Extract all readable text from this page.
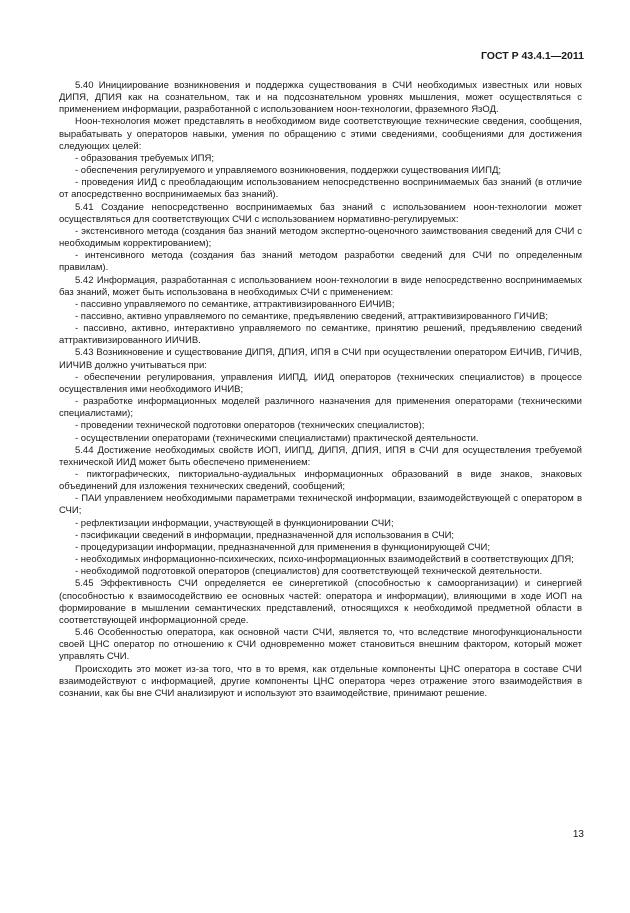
ГОСТ Р 43.4.1—2011

5.40 Инициирование возникновения и поддержка существования в СЧИ необходимых известных или новых ДИПЯ, ДПИЯ как на сознательном, так и на подсознательном уровнях мышления, может осуществляться с применением информации, разработанной с использованием ноон-технологии, фраземного ЯзОД.

Ноон-технология может представлять в необходимом виде соответствующие технические сведения, сообщения, вырабатывать у операторов навыки, умения по обращению с этими сведениями, сообщениями для достижения следующих целей:

- образования требуемых ИПЯ;

- обеспечения регулируемого и управляемого возникновения, поддержки существования ИИПД;

- проведения ИИД с преобладающим использованием непосредственно воспринимаемых баз знаний (в отличие от апосредственно воспринимаемых баз знаний).

5.41 Создание непосредственно воспринимаемых баз знаний с использованием ноон-технологии может осуществляться для соответствующих СЧИ с использованием нормативно-регулируемых:

- экстенсивного метода (создания баз знаний методом экспертно-оценочного заимствования сведений для СЧИ с необходимым корректированием);

- интенсивного метода (создания баз знаний методом разработки сведений для СЧИ по определенным правилам).

5.42 Информация, разработанная с использованием ноон-технологии в виде непосредственно воспринимаемых баз знаний, может быть использована в необходимых СЧИ с применением:

- пассивно управляемого по семантике, аттрактивизированного ЕИЧИВ;

- пассивно, активно управляемого по семантике, предъявлению сведений, аттрактивизированного ГИЧИВ;

- пассивно, активно, интерактивно управляемого по семантике, принятию решений, предъявлению сведений аттрактивизированного ИИЧИВ.

5.43 Возникновение и существование ДИПЯ, ДПИЯ, ИПЯ в СЧИ при осуществлении оператором ЕИЧИВ, ГИЧИВ, ИИЧИВ должно учитываться при:

- обеспечении регулирования, управления ИИПД, ИИД операторов (технических специалистов) в процессе осуществления ими необходимого ИЧИВ;

- разработке информационных моделей различного назначения для применения операторами (техническими специалистами);

- проведении технической подготовки операторов (технических специалистов);

- осуществлении операторами (техническими специалистами) практической деятельности.

5.44 Достижение необходимых свойств ИОП, ИИПД, ДИПЯ, ДПИЯ, ИПЯ в СЧИ для осуществления требуемой технической ИИД может быть обеспечено применением:

- пиктографических, пикториально-аудиальных информационных образований в виде знаков, знаковых объединений для изложения технических сведений, сообщений;

- ПАИ управлением необходимыми параметрами технической информации, взаимодействующей с оператором в СЧИ;

- рефлектизации информации, участвующей в функционировании СЧИ;

- пэсификации сведений в информации, предназначенной для использования в СЧИ;

- процедуризации информации, предназначенной для применения в функционирующей СЧИ;

- необходимых информационно-психических, психо-информационных взаимодействий в соответствующих ДПЯ;

- необходимой подготовкой операторов (специалистов) для соответствующей технической деятельности.

5.45 Эффективность СЧИ определяется ее синергетикой (способностью к самоорганизации) и синергией (способностью к взаимосодействию ее основных частей: оператора и информации), влияющими в ходе ИОП на формирование в мышлении семантических представлений, относящихся к необходимой предметной области в соответствующей информационной среде.

5.46 Особенностью оператора, как основной части СЧИ, является то, что вследствие многофункциональности своей ЦНС оператор по отношению к СЧИ одновременно может становиться внешним фактором, который может управлять СЧИ.

Происходить это может из-за того, что в то время, как отдельные компоненты ЦНС оператора в составе СЧИ взаимодействуют с информацией, другие компоненты ЦНС оператора через отражение этого взаимодействия в сознании, как бы вне СЧИ анализируют и используют это взаимодействие, принимают решение.

13
